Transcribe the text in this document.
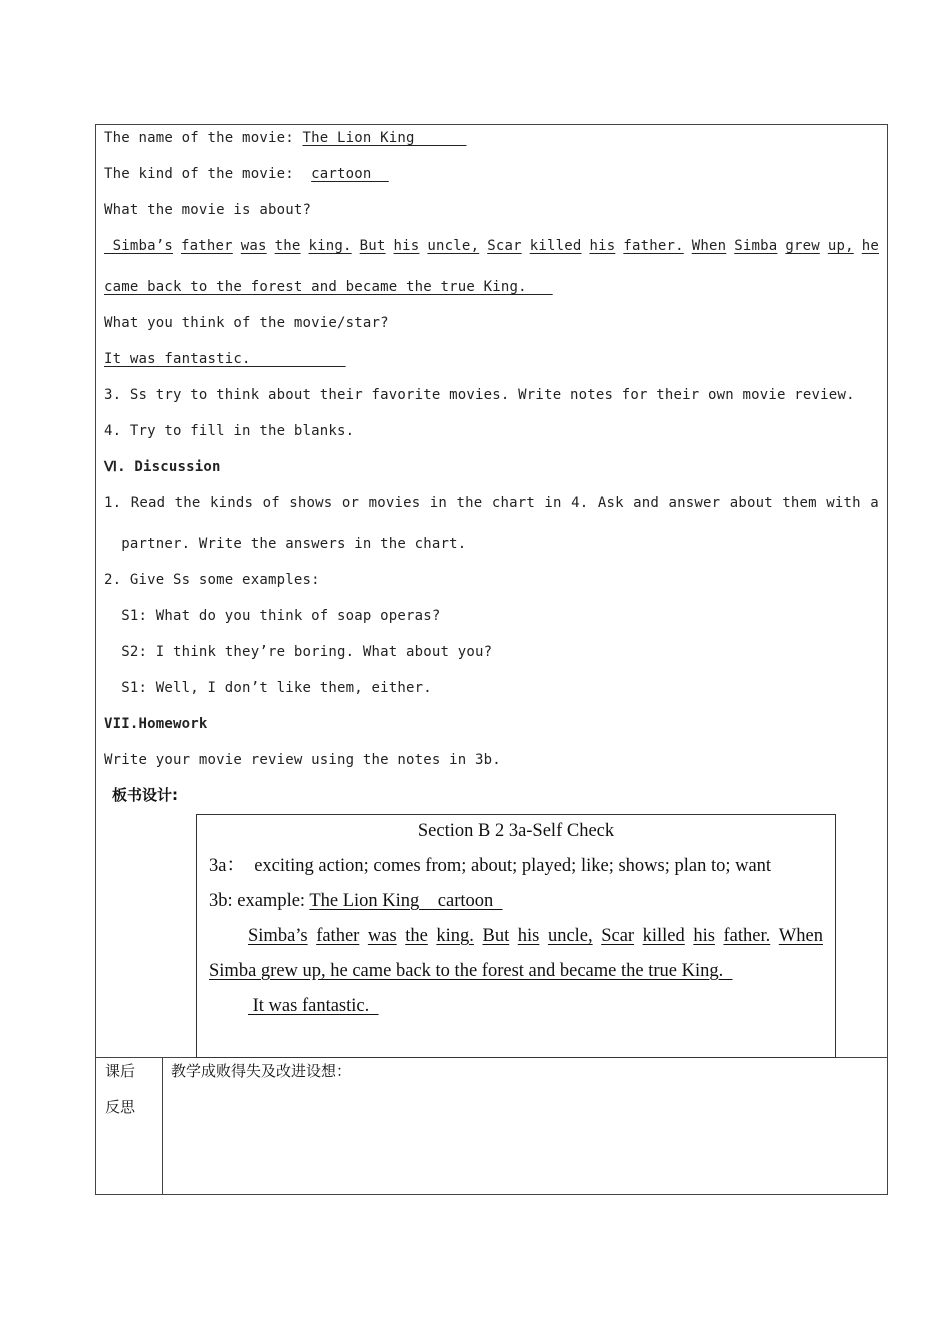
The name of the movie: The Lion King
The kind of the movie:  cartoon
What the movie is about?
Simba’s father was the king. But his uncle, Scar killed his father. When Simba grew up, he
came back to the forest and became the true King.
What you think of the movie/star?
It was fantastic.
3. Ss try to think about their favorite movies. Write notes for their own movie review.
4. Try to fill in the blanks.
Ⅵ. Discussion
1. Read the kinds of shows or movies in the chart in 4. Ask and answer about them with a
partner. Write the answers in the chart.
2. Give Ss some examples:
S1: What do you think of soap operas?
S2: I think they’re boring. What about you?
S1: Well, I don’t like them, either.
VII.Homework
Write your movie review using the notes in 3b.
板书设计:
Section B 2 3a-Self Check
3a：  exciting action; comes from; about; played; like; shows; plan to; want
3b: example: The Lion King    cartoon
Simba’s father was the king. But his uncle, Scar killed his father. When
Simba grew up, he came back to the forest and became the true King.
It was fantastic.
课后
反思
教学成败得失及改进设想：
